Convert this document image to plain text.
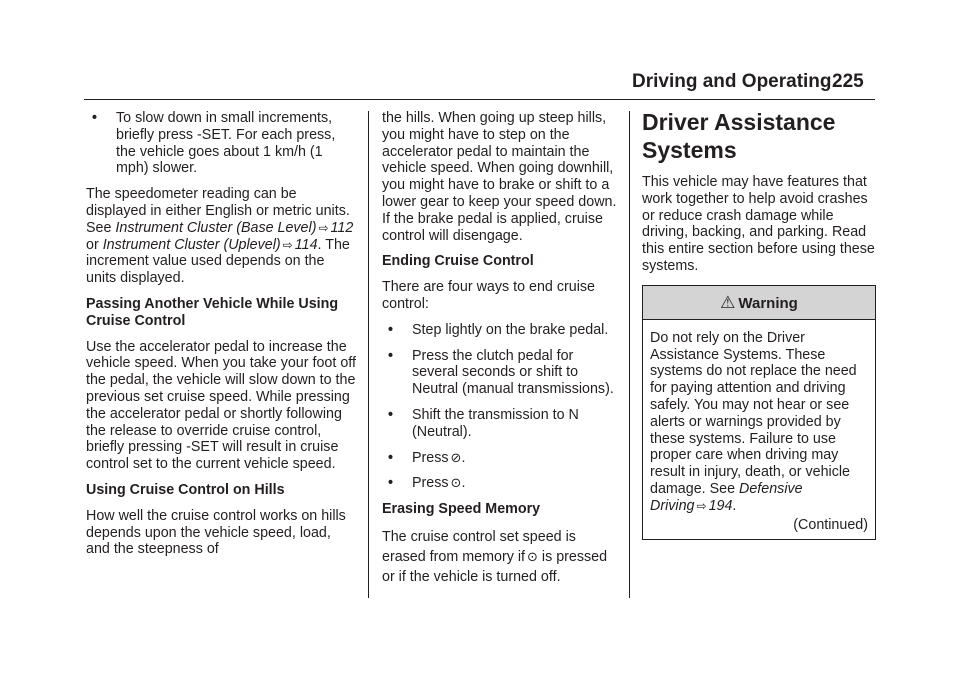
Driving and Operating 225
• To slow down in small increments, briefly press -SET. For each press, the vehicle goes about 1 km/h (1 mph) slower.

The speedometer reading can be displayed in either English or metric units. See Instrument Cluster (Base Level) ⇨ 112 or Instrument Cluster (Uplevel) ⇨ 114. The increment value used depends on the units displayed.

Passing Another Vehicle While Using Cruise Control

Use the accelerator pedal to increase the vehicle speed. When you take your foot off the pedal, the vehicle will slow down to the previous set cruise speed. While pressing the accelerator pedal or shortly following the release to override cruise control, briefly pressing -SET will result in cruise control set to the current vehicle speed.

Using Cruise Control on Hills

How well the cruise control works on hills depends upon the vehicle speed, load, and the steepness of

the hills. When going up steep hills, you might have to step on the accelerator pedal to maintain the vehicle speed. When going downhill, you might have to brake or shift to a lower gear to keep your speed down. If the brake pedal is applied, cruise control will disengage.

Ending Cruise Control

There are four ways to end cruise control:

• Step lightly on the brake pedal.
• Press the clutch pedal for several seconds or shift to Neutral (manual transmissions).
• Shift the transmission to N (Neutral).
• Press ⊘.
• Press ⊙.

Erasing Speed Memory

The cruise control set speed is erased from memory if ⊙ is pressed or if the vehicle is turned off.

Driver Assistance Systems

This vehicle may have features that work together to help avoid crashes or reduce crash damage while driving, backing, and parking. Read this entire section before using these systems.

⚠ Warning
Do not rely on the Driver Assistance Systems. These systems do not replace the need for paying attention and driving safely. You may not hear or see alerts or warnings provided by these systems. Failure to use proper care when driving may result in injury, death, or vehicle damage. See Defensive Driving ⇨ 194.
(Continued)
